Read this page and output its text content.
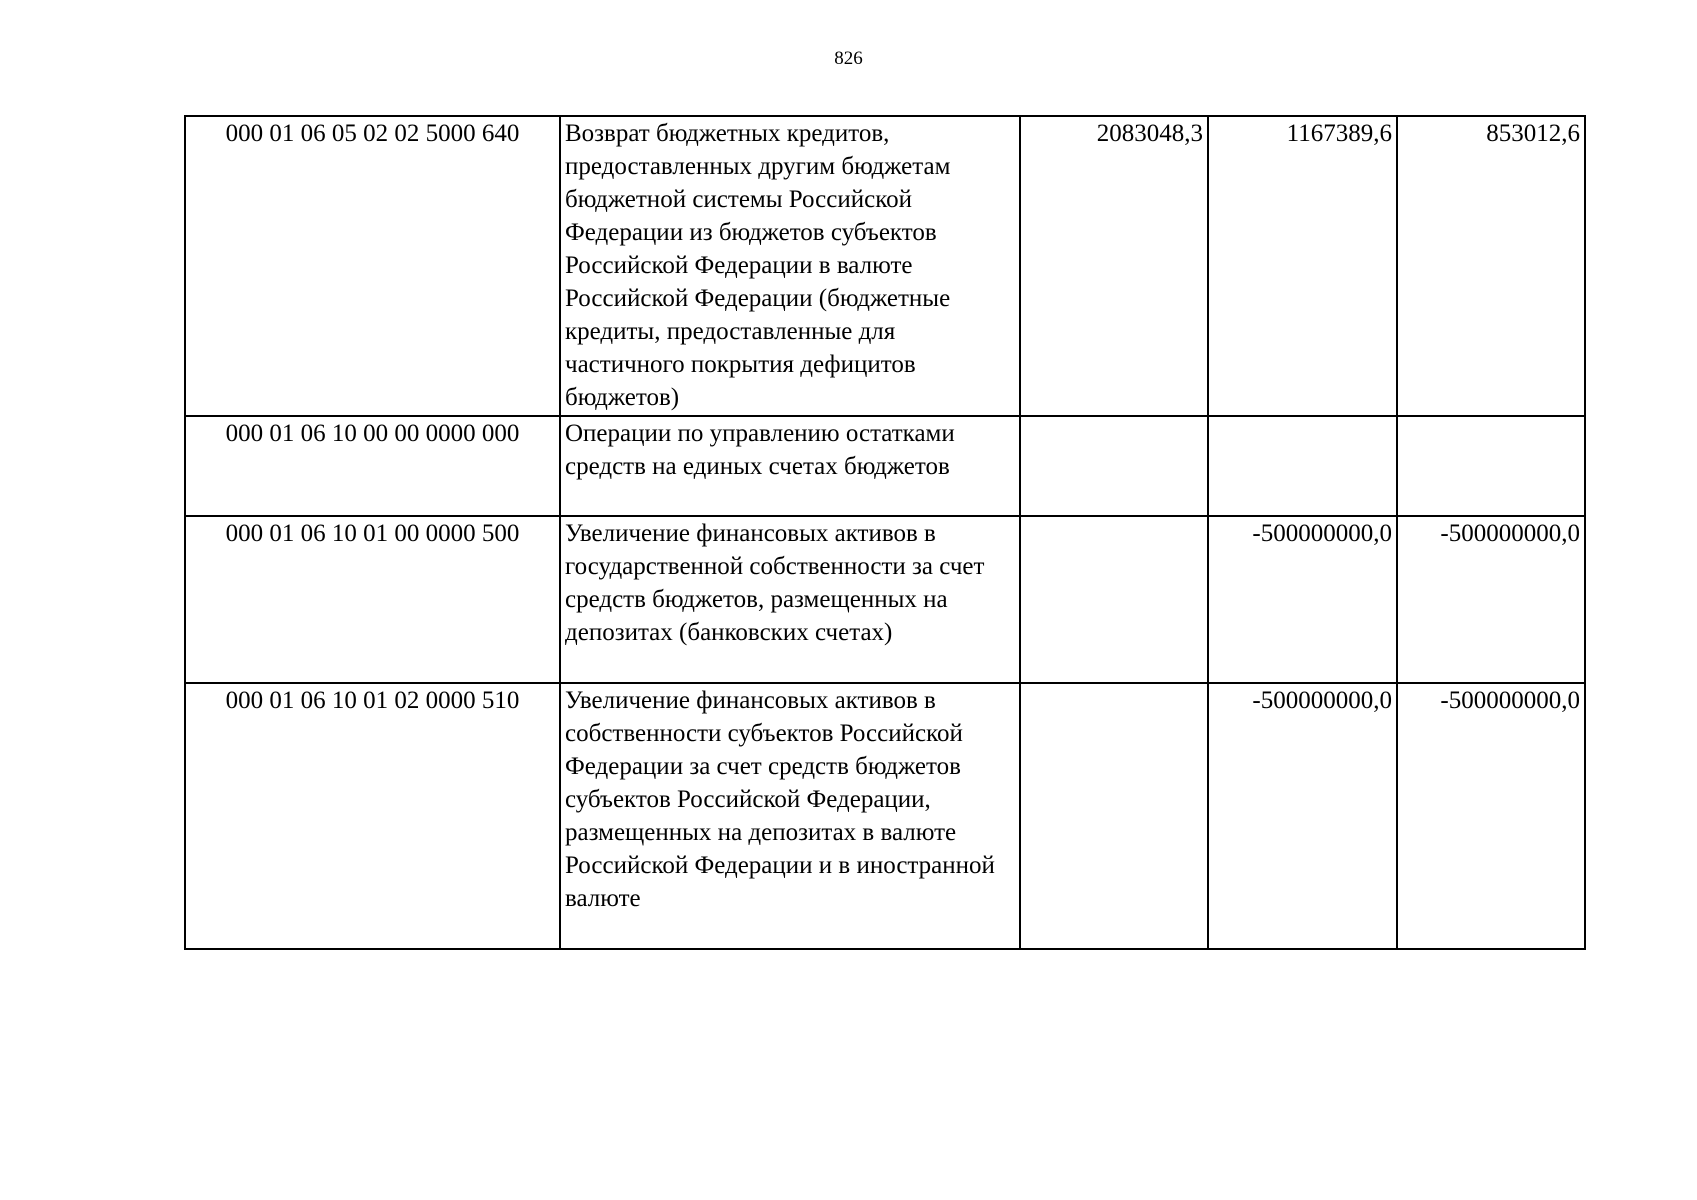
826
000 01 06 05 02 02 5000 640	Возврат бюджетных кредитов, предоставленных другим бюджетам бюджетной системы Российской Федерации из бюджетов субъектов Российской Федерации в валюте Российской Федерации (бюджетные кредиты, предоставленные для частичного покрытия дефицитов бюджетов)	2083048,3	1167389,6	853012,6
000 01 06 10 00 00 0000 000	Операции по управлению остатками средств на единых счетах бюджетов			
000 01 06 10 01 00 0000 500	Увеличение финансовых активов в государственной собственности за счет средств бюджетов, размещенных на депозитах (банковских счетах)		-500000000,0	-500000000,0
000 01 06 10 01 02 0000 510	Увеличение финансовых активов в собственности субъектов Российской Федерации за счет средств бюджетов субъектов Российской Федерации, размещенных на депозитах в валюте Российской Федерации и в иностранной валюте		-500000000,0	-500000000,0
